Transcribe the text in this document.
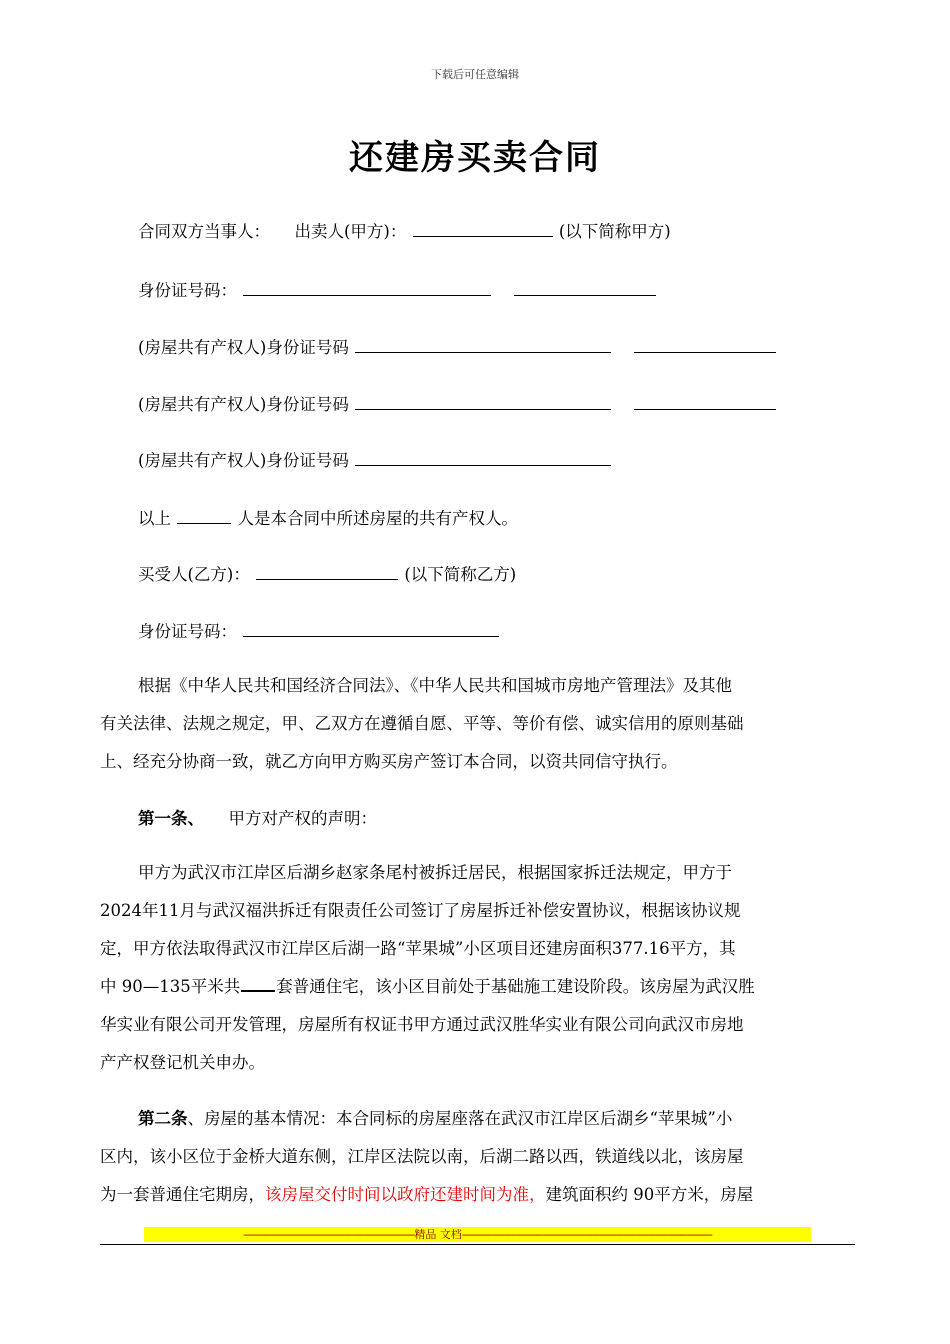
下载后可任意编辑
还建房买卖合同
合同双方当事人： 出卖人(甲方)：	(以下简称甲方)
身份证号码：
(房屋共有产权人)身份证号码
(房屋共有产权人)身份证号码
(房屋共有产权人)身份证号码
以上	人是本合同中所述房屋的共有产权人。
买受人(乙方)：	(以下简称乙方)
身份证号码：
根据《中华人民共和国经济合同法》、《中华人民共和国城市房地产管理法》及其他
有关法律、法规之规定，甲、乙双方在遵循自愿、平等、等价有偿、诚实信用的原则基础
上、经充分协商一致，就乙方向甲方购买房产签订本合同，以资共同信守执行。
第一条、 甲方对产权的声明：
甲方为武汉市江岸区后湖乡赵家条尾村被拆迁居民，根据国家拆迁法规定，甲方于
2024年11月与武汉福洪拆迁有限责任公司签订了房屋拆迁补偿安置协议，根据该协议规
定，甲方依法取得武汉市江岸区后湖一路“苹果城”小区项目还建房面积377.16平方，其
中 90—135平米共 套普通住宅，该小区目前处于基础施工建设阶段。该房屋为武汉胜
华实业有限公司开发管理，房屋所有权证书甲方通过武汉胜华实业有限公司向武汉市房地
产产权登记机关申办。
第二条、房屋的基本情况：本合同标的房屋座落在武汉市江岸区后湖乡“苹果城”小
区内，该小区位于金桥大道东侧，江岸区法院以南，后湖二路以西，铁道线以北，该房屋
为一套普通住宅期房，该房屋交付时间以政府还建时间为准，建筑面积约 90平方米，房屋
---------------------------------------------------------------精品 文档--------------------------------------------------------------------------------------------
